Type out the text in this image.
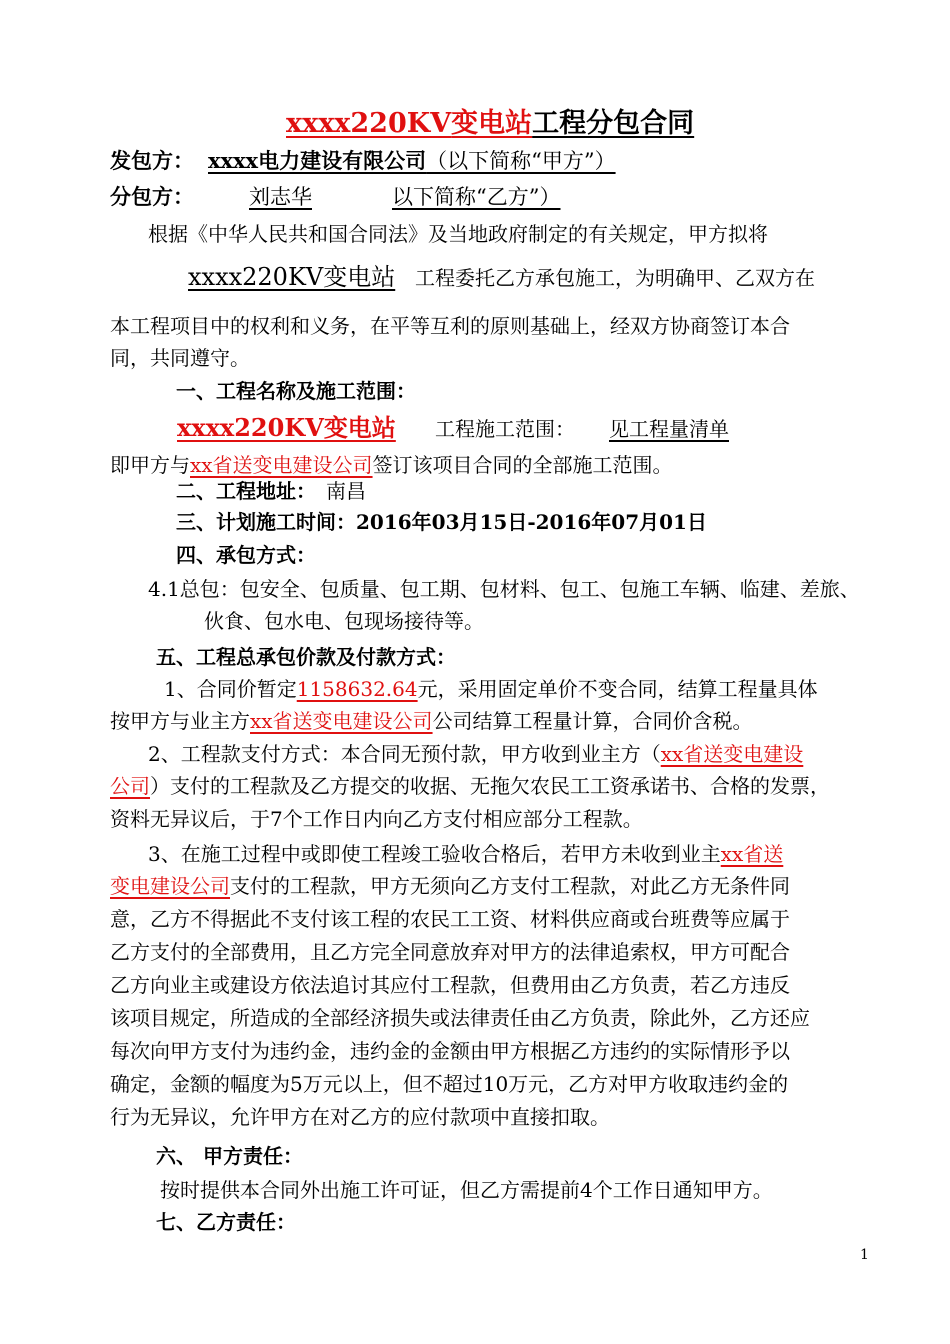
xxxx220KV变电站工程分包合同
发包方： xxxx电力建设有限公司（以下简称“甲方”）
分包方：	刘志华	以下简称“乙方”）
根据《中华人民共和国合同法》及当地政府制定的有关规定，甲方拟将
xxxx220KV变电站 工程委托乙方承包施工，为明确甲、乙双方在
本工程项目中的权利和义务，在平等互利的原则基础上，经双方协商签订本合
同，共同遵守。
一、工程名称及施工范围：
xxxx220KV变电站 工程施工范围： 见工程量清单
即甲方与xx省送变电建设公司签订该项目合同的全部施工范围。
二、工程地址： 南昌
三、计划施工时间：2016年03月15日-2016年07月01日
四、承包方式：
4.1总包：包安全、包质量、包工期、包材料、包工、包施工车辆、临建、差旅、
伙食、包水电、包现场接待等。
五、工程总承包价款及付款方式：
1、合同价暂定1158632.64元，采用固定单价不变合同，结算工程量具体
按甲方与业主方xx省送变电建设公司公司结算工程量计算，合同价含税。
2、工程款支付方式：本合同无预付款，甲方收到业主方（xx省送变电建设
公司）支付的工程款及乙方提交的收据、无拖欠农民工工资承诺书、合格的发票，
资料无异议后，于7个工作日内向乙方支付相应部分工程款。
3、在施工过程中或即使工程竣工验收合格后，若甲方未收到业主xx省送
变电建设公司支付的工程款，甲方无须向乙方支付工程款，对此乙方无条件同
意，乙方不得据此不支付该工程的农民工工资、材料供应商或台班费等应属于
乙方支付的全部费用，且乙方完全同意放弃对甲方的法律追索权，甲方可配合
乙方向业主或建设方依法追讨其应付工程款，但费用由乙方负责，若乙方违反
该项目规定，所造成的全部经济损失或法律责任由乙方负责，除此外，乙方还应
每次向甲方支付为违约金，违约金的金额由甲方根据乙方违约的实际情形予以
确定，金额的幅度为5万元以上，但不超过10万元，乙方对甲方收取违约金的
行为无异议，允许甲方在对乙方的应付款项中直接扣取。
六、 甲方责任：
按时提供本合同外出施工许可证，但乙方需提前4个工作日通知甲方。
七、乙方责任：
1
